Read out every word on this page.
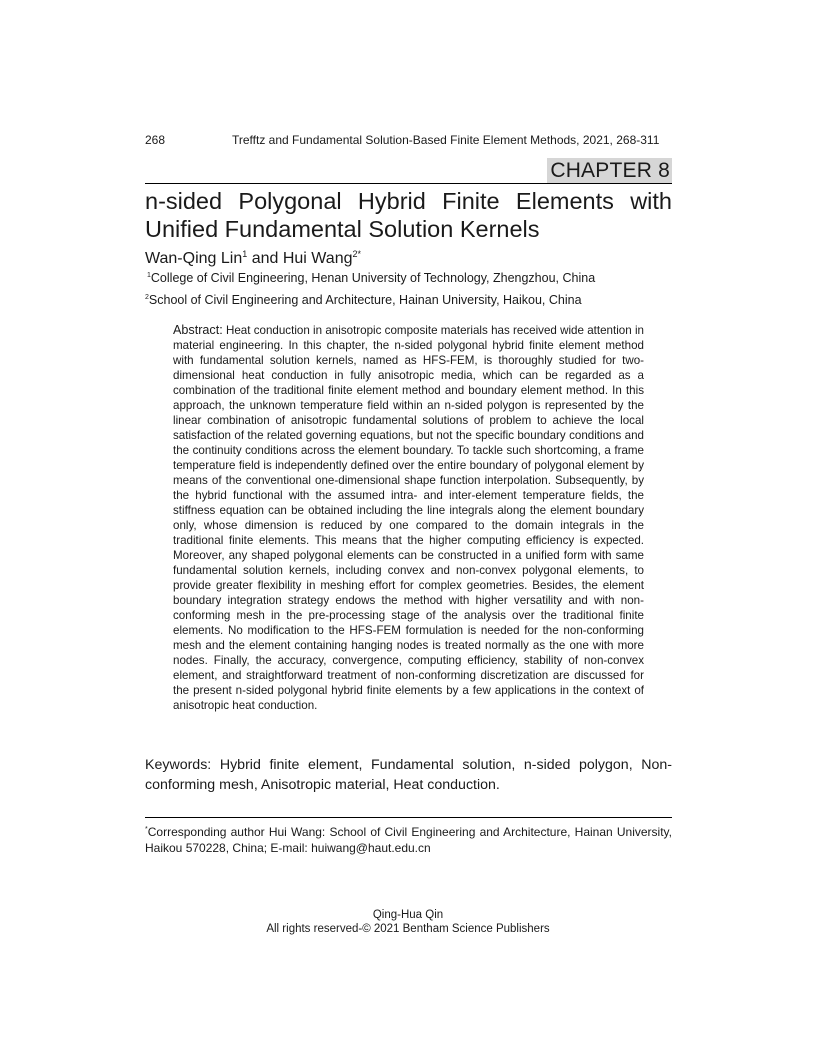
268	Trefftz and Fundamental Solution-Based Finite Element Methods, 2021, 268-311
CHAPTER 8
n-sided Polygonal Hybrid Finite Elements with
Unified Fundamental Solution Kernels
Wan-Qing Lin$^1$ and Hui Wang$^{2*}$
$^1$College of Civil Engineering, Henan University of Technology, Zhengzhou, China
$^2$School of Civil Engineering and Architecture, Hainan University, Haikou, China

Abstract: Heat conduction in anisotropic composite materials has received wide attention in material engineering. In this chapter, the n-sided polygonal hybrid finite element method with fundamental solution kernels, named as HFS-FEM, is thoroughly studied for two-dimensional heat conduction in fully anisotropic media, which can be regarded as a combination of the traditional finite element method and boundary element method. In this approach, the unknown temperature field within an n-sided polygon is represented by the linear combination of anisotropic fundamental solutions of problem to achieve the local satisfaction of the related governing equations, but not the specific boundary conditions and the continuity conditions across the element boundary. To tackle such shortcoming, a frame temperature field is independently defined over the entire boundary of polygonal element by means of the conventional one-dimensional shape function interpolation. Subsequently, by the hybrid functional with the assumed intra- and inter-element temperature fields, the stiffness equation can be obtained including the line integrals along the element boundary only, whose dimension is reduced by one compared to the domain integrals in the traditional finite elements. This means that the higher computing efficiency is expected. Moreover, any shaped polygonal elements can be constructed in a unified form with same fundamental solution kernels, including convex and non-convex polygonal elements, to provide greater flexibility in meshing effort for complex geometries. Besides, the element boundary integration strategy endows the method with higher versatility and with non-conforming mesh in the pre-processing stage of the analysis over the traditional finite elements. No modification to the HFS-FEM formulation is needed for the non-conforming mesh and the element containing hanging nodes is treated normally as the one with more nodes. Finally, the accuracy, convergence, computing efficiency, stability of non-convex element, and straightforward treatment of non-conforming discretization are discussed for the present n-sided polygonal hybrid finite elements by a few applications in the context of anisotropic heat conduction.

Keywords: Hybrid finite element, Fundamental solution, n-sided polygon, Non-conforming mesh, Anisotropic material, Heat conduction.

*Corresponding author Hui Wang: School of Civil Engineering and Architecture, Hainan University, Haikou 570228, China; E-mail: huiwang@haut.edu.cn

Qing-Hua Qin
All rights reserved-© 2021 Bentham Science Publishers
